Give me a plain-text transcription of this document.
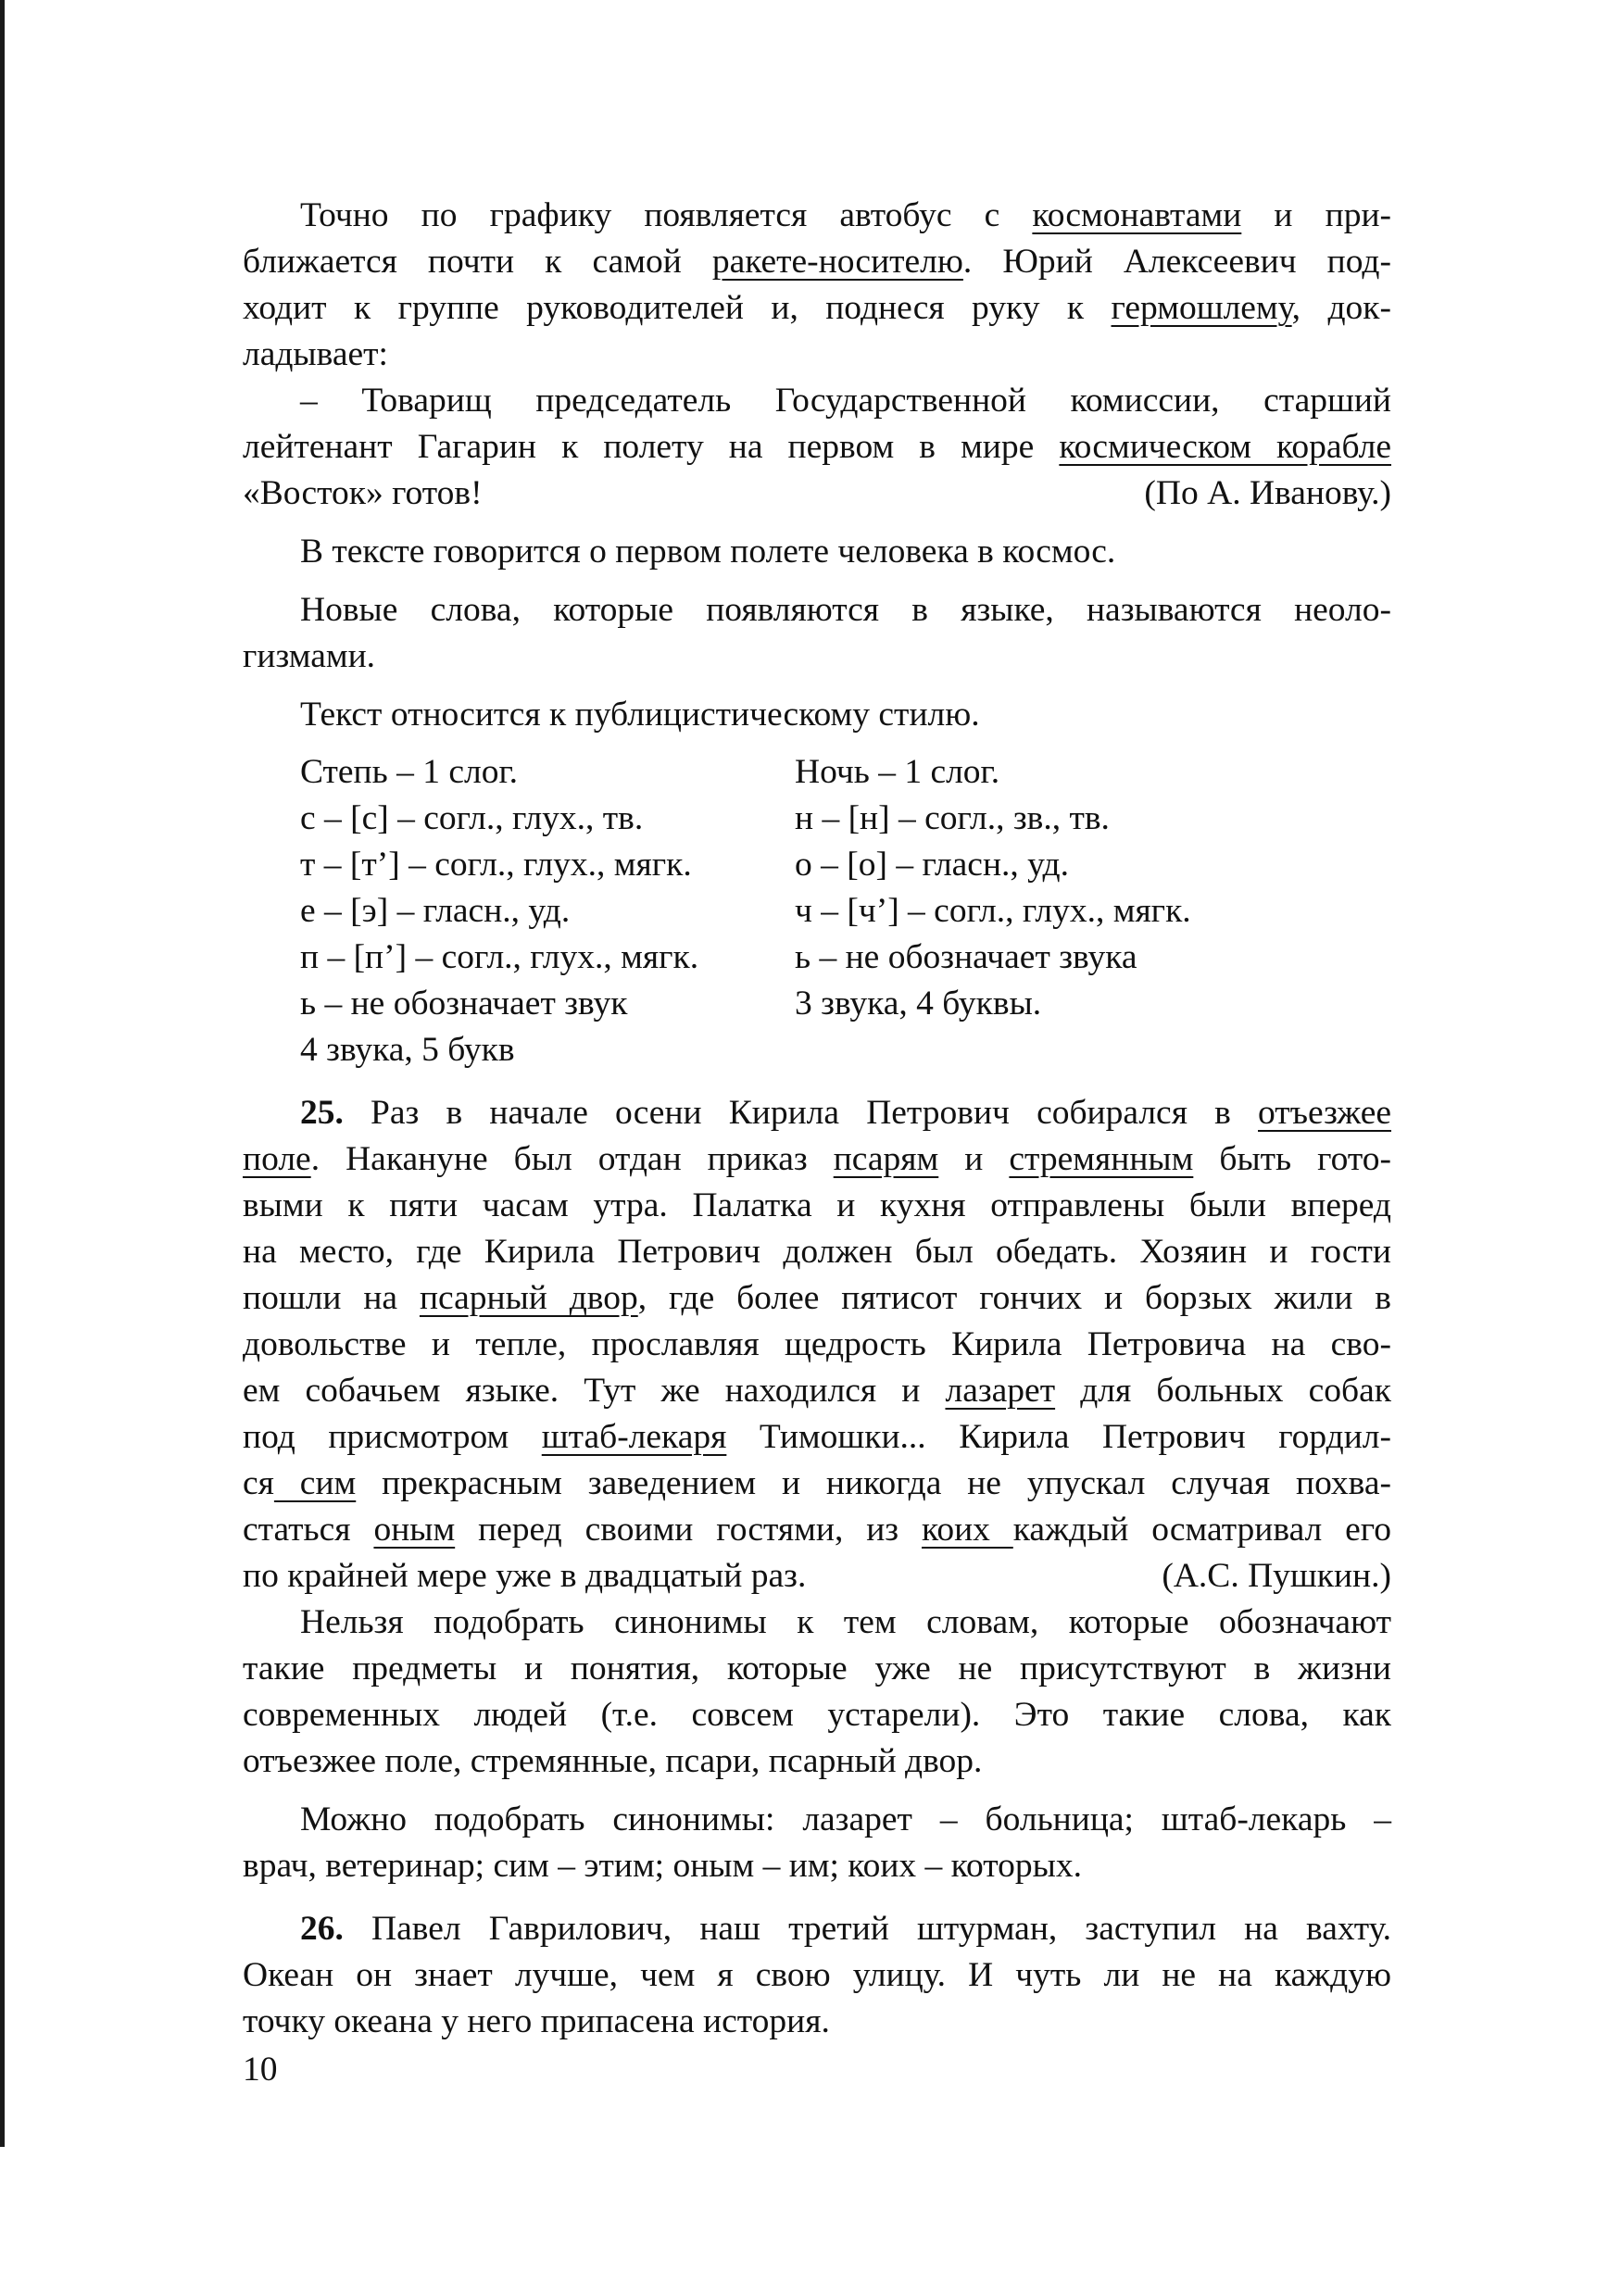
Точно по графику появляется автобус с космонавтами и при-
ближается почти к самой ракете-носителю. Юрий Алексеевич под-
ходит к группе руководителей и, поднеся руку к гермошлему, док-
ладывает:
– Товарищ председатель Государственной комиссии, старший
лейтенант Гагарин к полету на первом в мире космическом корабле
«Восток» готов!	(По А. Иванову.)

В тексте говорится о первом полете человека в космос.

Новые слова, которые появляются в языке, называются неоло-
гизмами.

Текст относится к публицистическому стилю.

Степь – 1 слог.
с – [с] – согл., глух., тв.
т – [т’] – согл., глух., мягк.
е – [э] – гласн., уд.
п – [п’] – согл., глух., мягк.
ь – не обозначает звук
4 звука, 5 букв
Ночь – 1 слог.
н – [н] – согл., зв., тв.
о – [о] – гласн., уд.
ч – [ч’] – согл., глух., мягк.
ь – не обозначает звука
3 звука, 4 буквы.
25. Раз в начале осени Кирила Петрович собирался в отъезжее
поле. Накануне был отдан приказ псарям и стремянным быть гото-
выми к пяти часам утра. Палатка и кухня отправлены были вперед
на место, где Кирила Петрович должен был обедать. Хозяин и гости
пошли на псарный двор, где более пятисот гончих и борзых жили в
довольстве и тепле, прославляя щедрость Кирила Петровича на сво-
ем собачьем языке. Тут же находился и лазарет для больных собак
под присмотром штаб-лекаря Тимошки... Кирила Петрович гордил-
ся сим прекрасным заведением и никогда не упускал случая похва-
статься оным перед своими гостями, из коих каждый осматривал его
по крайней мере уже в двадцатый раз.	(А.С. Пушкин.)
Нельзя подобрать синонимы к тем словам, которые обозначают
такие предметы и понятия, которые уже не присутствуют в жизни
современных людей (т.е. совсем устарели). Это такие слова, как
отъезжее поле, стремянные, псари, псарный двор.
Можно подобрать синонимы: лазарет – больница; штаб-лекарь –
врач, ветеринар; сим – этим; оным – им; коих – которых.
26. Павел Гаврилович, наш третий штурман, заступил на вахту.
Океан он знает лучше, чем я свою улицу. И чуть ли не на каждую
точку океана у него припасена история.
10
